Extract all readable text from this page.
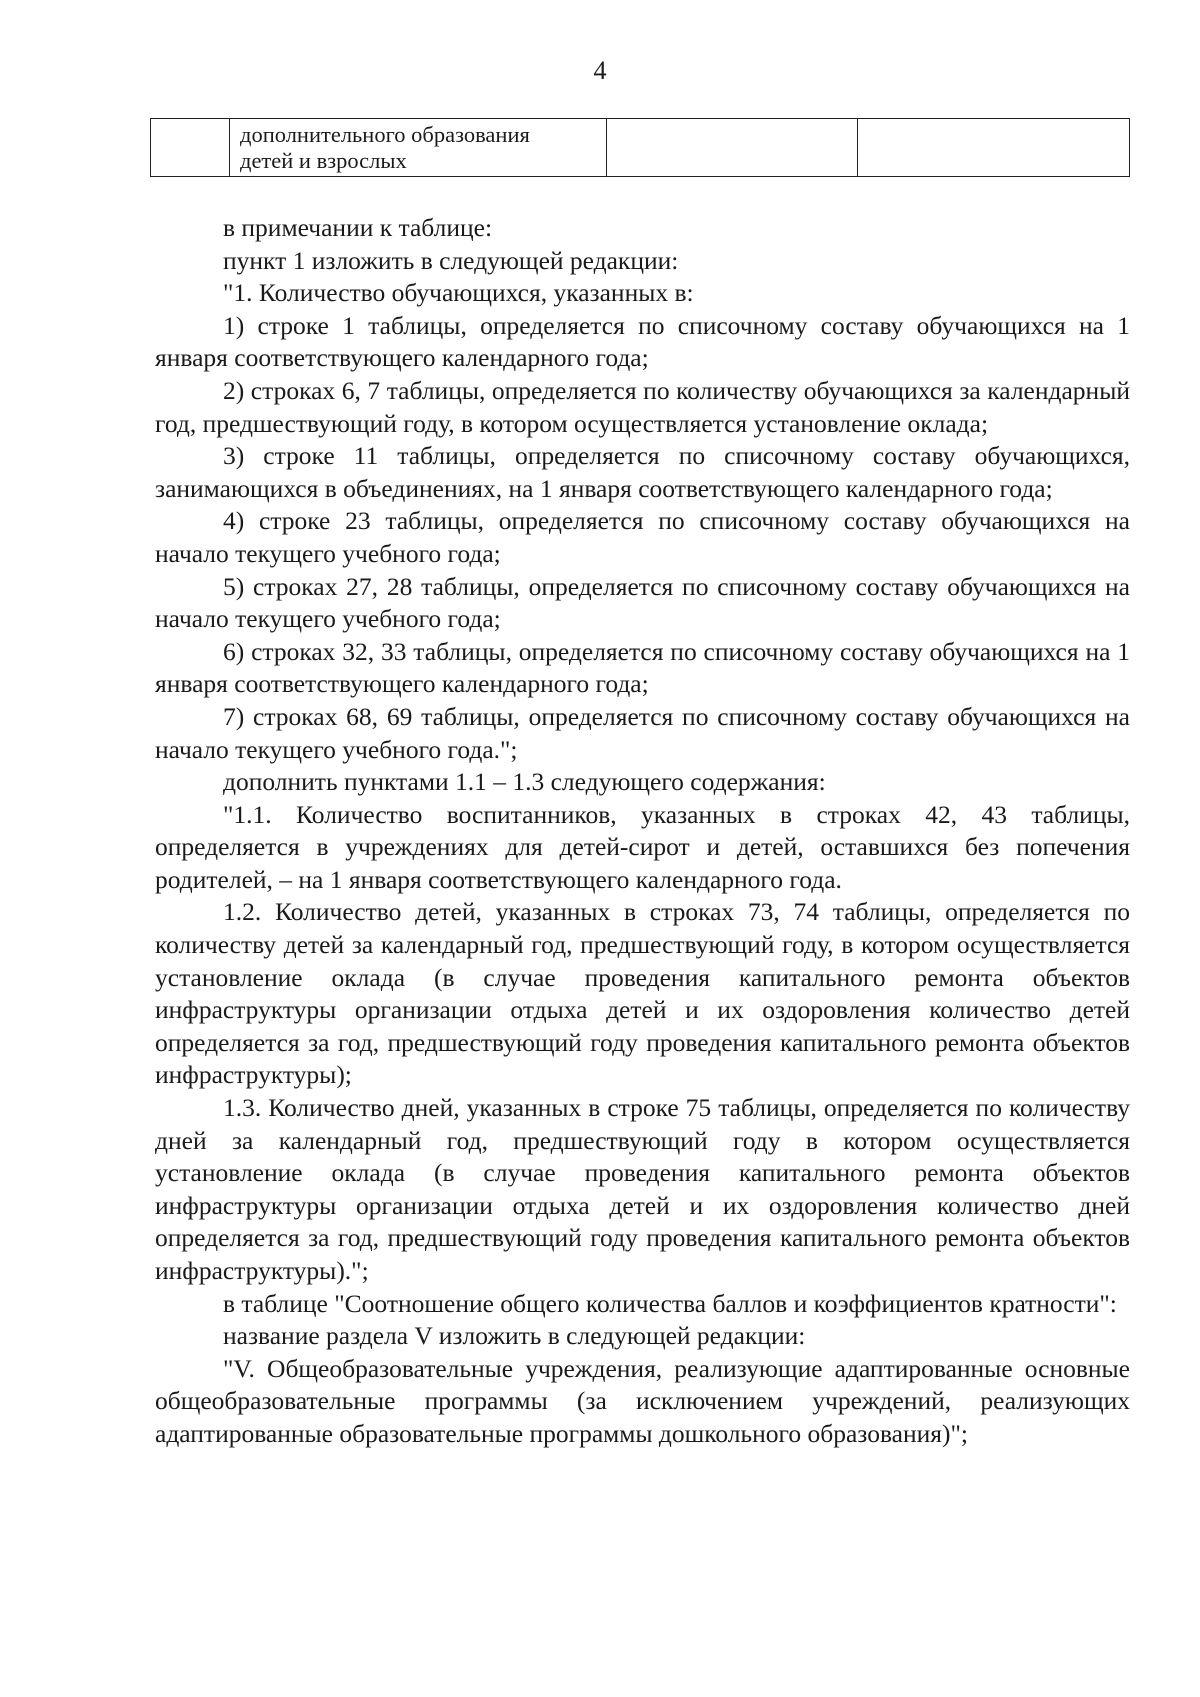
4

дополнительного образования
детей и взрослых

в примечании к таблице:

пункт 1 изложить в следующей редакции:

"1. Количество обучающихся, указанных в:

1) строке 1 таблицы, определяется по списочному составу обучающихся на 1 января соответствующего календарного года;

2) строках 6, 7 таблицы, определяется по количеству обучающихся за календарный год, предшествующий году, в котором осуществляется установление оклада;

3) строке 11 таблицы, определяется по списочному составу обучающихся, занимающихся в объединениях, на 1 января соответствующего календарного года;

4) строке 23 таблицы, определяется по списочному составу обучающихся на начало текущего учебного года;

5) строках 27, 28 таблицы, определяется по списочному составу обучающихся на начало текущего учебного года;

6) строках 32, 33 таблицы, определяется по списочному составу обучающихся на 1 января соответствующего календарного года;

7) строках 68, 69 таблицы, определяется по списочному составу обучающихся на начало текущего учебного года.";

дополнить пунктами 1.1 – 1.3 следующего содержания:

"1.1. Количество воспитанников, указанных в строках 42, 43 таблицы, определяется в учреждениях для детей-сирот и детей, оставшихся без попечения родителей, – на 1 января соответствующего календарного года.

1.2. Количество детей, указанных в строках 73, 74 таблицы, определяется по количеству детей за календарный год, предшествующий году, в котором осуществляется установление оклада (в случае проведения капитального ремонта объектов инфраструктуры организации отдыха детей и их оздоровления количество детей определяется за год, предшествующий году проведения капитального ремонта объектов инфраструктуры);

1.3. Количество дней, указанных в строке 75 таблицы, определяется по количеству дней за календарный год, предшествующий году в котором осуществляется установление оклада (в случае проведения капитального ремонта объектов инфраструктуры организации отдыха детей и их оздоровления количество дней определяется за год, предшествующий году проведения капитального ремонта объектов инфраструктуры).";

в таблице "Соотношение общего количества баллов и коэффициентов кратности":

название раздела V изложить в следующей редакции:

"V. Общеобразовательные учреждения, реализующие адаптированные основные общеобразовательные программы (за исключением учреждений, реализующих адаптированные образовательные программы дошкольного образования)";
